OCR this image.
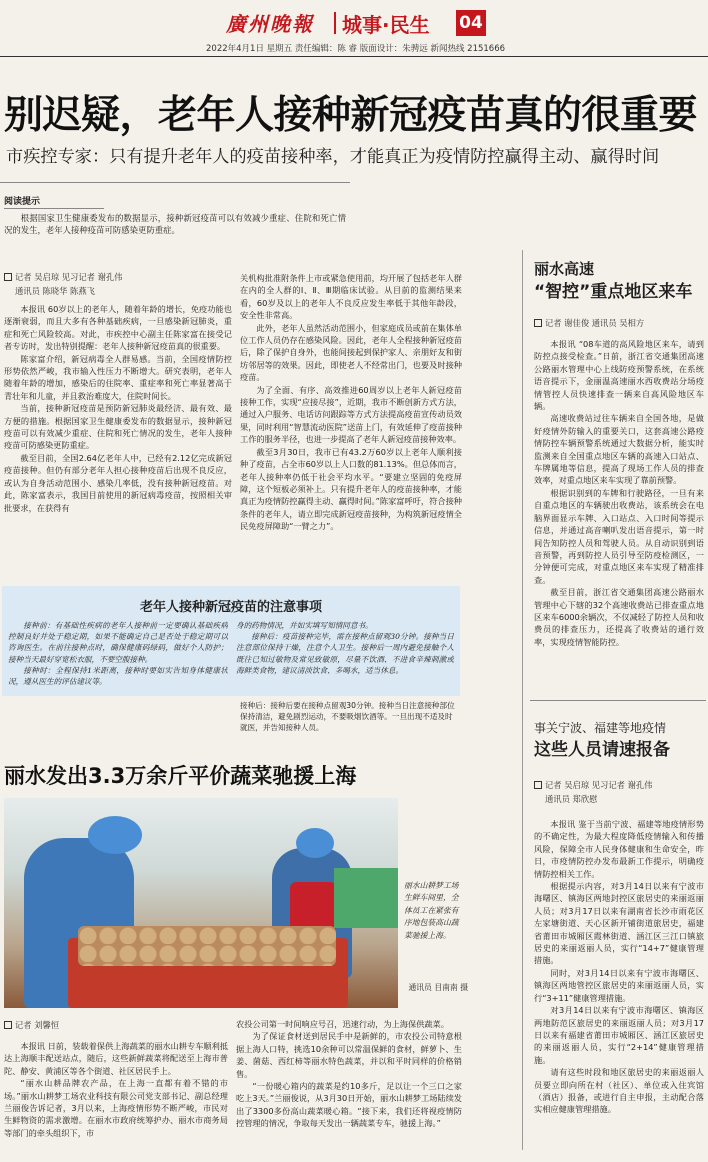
廣州晚報 城事·民生 04
2022年4月1日 星期五 责任编辑：陈 睿 版面设计：朱骋远 新闻热线 2151666
别迟疑，老年人接种新冠疫苗真的很重要
市疾控专家：只有提升老年人的疫苗接种率，才能真正为疫情防控赢得主动、赢得时间
阅读提示
根据国家卫生健康委发布的数据显示，接种新冠疫苗可以有效减少重症、住院和死亡情况的发生，老年人接种疫苗可防感染更防重症。
记者 吴启琼 见习记者 谢孔伟
通讯员 陈晓华 陈燕飞

本报讯 60岁以上的老年人，随着年龄的增长，免疫功能也逐渐衰弱，而且大多有各种基础疾病，一旦感染新冠肺炎，重症和死亡风险较高。对此，市疾控中心副主任陈家富在接受记者专访时，发出特别提醒：老年人接种新冠疫苗真的很重要。

陈家富介绍，新冠病毒全人群易感。当前，全国疫情防控形势依然严峻，我市输入性压力不断增大。研究表明，老年人随着年龄的增加，感染后的住院率、重症率和死亡率显著高于青壮年和儿童，并且救治难度大，住院时间长。

当前，接种新冠疫苗是预防新冠肺炎最经济、最有效、最方便的措施。根据国家卫生健康委发布的数据显示，接种新冠疫苗可以有效减少重症、住院和死亡情况的发生，老年人接种疫苗可防感染更防重症。

截至目前，全国2.64亿老年人中，已经有2.12亿完成新冠疫苗接种。但仍有部分老年人担心接种疫苗后出现不良反应，或认为自身活动范围小、感染几率低，没有接种新冠疫苗。对此，陈家富表示，我国目前使用的新冠病毒疫苗，按照相关审批要求，在获得有

关机构批准附条件上市或紧急使用前，均开展了包括老年人群在内的全人群的Ⅰ、Ⅱ、Ⅲ期临床试验。从目前的监测结果来看，60岁及以上的老年人不良反应发生率低于其他年龄段，安全性非常高。

此外，老年人虽然活动范围小，但家庭成员或前在集体单位工作人员仍存在感染风险。因此，老年人全程接种新冠疫苗后，除了保护自身外，也能间接起到保护家人、亲朋好友和街坊邻居等的效果。因此，即使老人不经常出门，也要及时接种疫苗。

为了全面、有序、高效推进60周岁以上老年人新冠疫苗接种工作，实现“应接尽接”，近期，我市不断创新方式方法，通过入户服务、电话访问跟踪等方式方法提高疫苗宣传动员效果，同时利用“智慧流动医院”送苗上门，有效延伸了疫苗接种工作的服务半径，也进一步提高了老年人新冠疫苗接种效率。

截至3月30日，我市已有43.2万60岁以上老年人顺利接种了疫苗，占全市60岁以上人口数的81.13%。但总体而言，老年人接种率仍低于社会平均水平。“要建立坚固的免疫屏障，这个短板必须补上。只有提升老年人的疫苗接种率，才能真正为疫情防控赢得主动、赢得时间。”陈家富呼吁，符合接种条件的老年人，请立即完成新冠疫苗接种，为构筑新冠疫情全民免疫屏障助“一臂之力”。

老年人接种新冠疫苗的注意事项

接种前：有基础性疾病的老年人接种前一定要确认基础疾病控制良好并处于稳定期，如果不能确定自己是否处于稳定期可以咨询医生。在前往接种点时，确保健康码绿码，做好个人防护；接种当天最好穿宽松衣服，不要空腹接种。

接种时：全程保持1米距离，接种时要如实告知身体健康状况，遵从医生的评估建议等。

身的药物情况，并如实填写知情同意书。

接种后：疫苗接种完毕，需在接种点留观30分钟。接种当日注意部位保持干燥，注意个人卫生。接种后一周内避免接触个人既往已知过敏物及常见致敏原，尽量不饮酒、不进食辛辣刺激或海鲜类食物，建议清淡饮食、多喝水，适当休息。

丽水发出3.3万余斤平价蔬菜驰援上海
丽水山耕梦工场生鲜车间里，全体员工在紧张有序地包装高山蔬菜驰援上海。
通讯员 目南南 摄
记者 刘馨恒

本报讯 日前，装载着保供上海蔬菜的丽水山耕专车顺利抵达上海顺丰配送站点，随后，这些新鲜蔬菜将配送至上海市普陀、静安、黄浦区等各个街道、社区居民手上。

“丽水山耕品牌农产品，在上海一直都有着不错的市场。”丽水山耕梦工场农业科技有限公司党支部书记、副总经理兰丽俊告诉记者，3月以来，上海疫情形势不断严峻，市民对生鲜物资的需求激增。在丽水市政府统筹护办、丽水市商务局等部门的牵头组织下，市

农投公司第一时间响应号召，迅速行动，为上海保供蔬菜。

为了保证食材送到居民手中是新鲜的，市农投公司特意根据上海人口特，挑选10余种可以常温保鲜的食材，鲜萝卜、生姜、菌菇、西红柿等丽水特色蔬菜，并以和平时同样的价格销售。

“一份暖心箱内的蔬菜是约10多斤，足以让一个三口之家吃上3天。”兰丽俊说，从3月30日开始，丽水山耕梦工场陆续发出了3300多份高山蔬菜暖心箱。“接下来，我们还将视疫情防控管理的情况，争取每天发出一辆蔬菜专车，驰援上海。”

丽水高速
“智控”重点地区来车
记者 谢佳俊 通讯员 吴相方

本报讯 “08车道的高风险地区来车，请到防控点接受检查。”日前，浙江省交通集团高速公路丽水管理中心上线防疫预警系统，在系统语音提示下，金丽温高速丽水西收费站分场疫情管控人员快速排查一辆来自高风险地区车辆。

高速收费站过往车辆来自全国各地，是做好疫情外防输入的重要关口，这套高速公路疫情防控车辆预警系统通过大数据分析，能实时监测来自全国重点地区车辆的高速入口站点、车牌属地等信息，提高了现场工作人员的排查效率，对重点地区来车实现了靠前预警。

根据识别到的车牌和行驶路径，一旦有来自重点地区的车辆驶出收费站，该系统会在电脑界面显示车牌、入口站点、入口时间等提示信息，并通过高音喇叭发出语音提示，第一时间告知防控人员和驾驶人员。从自动识别到语音预警，再到防控人员引导至防疫检测区，一分钟便可完成，对重点地区来车实现了精准排查。

截至目前，浙江省交通集团高速公路丽水管理中心下辖的32个高速收费站已排查重点地区来车6000余辆次，不仅减轻了防控人员和收费员的排查压力，还提高了收费站的通行效率，实现疫情智能防控。

事关宁波、福建等地疫情
这些人员请速报备
记者 吴启琼 见习记者 谢孔伟
通讯员 郑欣慰

本报讯 鉴于当前宁波、福建等地疫情形势的不确定性，为最大程度降低疫情输入和传播风险，保障全市人民身体健康和生命安全，昨日，市疫情防控办发布最新工作提示，明确疫情防控相关工作。

根据提示内容，对3月14日以来有宁波市海曙区、镇海区两地封控区旅居史的来丽返丽人员；对3月17日以来有湖南省长沙市雨花区左家塘街道、天心区新开铺街道旅居史，福建省莆田市城厢区霞林街道、涵江区三江口镇旅居史的来丽返丽人员，实行“14+7”健康管理措施。

同时，对3月14日以来有宁波市海曙区、镇海区两地管控区旅居史的来丽返丽人员，实行“3+11”健康管理措施。

对3月14日以来有宁波市海曙区、镇海区两地防范区旅居史的来丽返丽人员；对3月17日以来有福建省莆田市城厢区、涵江区旅居史的来丽返丽人员，实行“2+14”健康管理措施。

请有这些时段和地区旅居史的来丽返丽人员要立即向所在村（社区）、单位或入住宾馆（酒店）报备，或进行自主申报，主动配合落实相应健康管理措施。

接种后：接种后要在接种点留观30分钟。接种当日注意接种部位保持清洁，避免剧烈运动，不要吸烟饮酒等。一旦出现不适及时就医，并告知接种人员。
